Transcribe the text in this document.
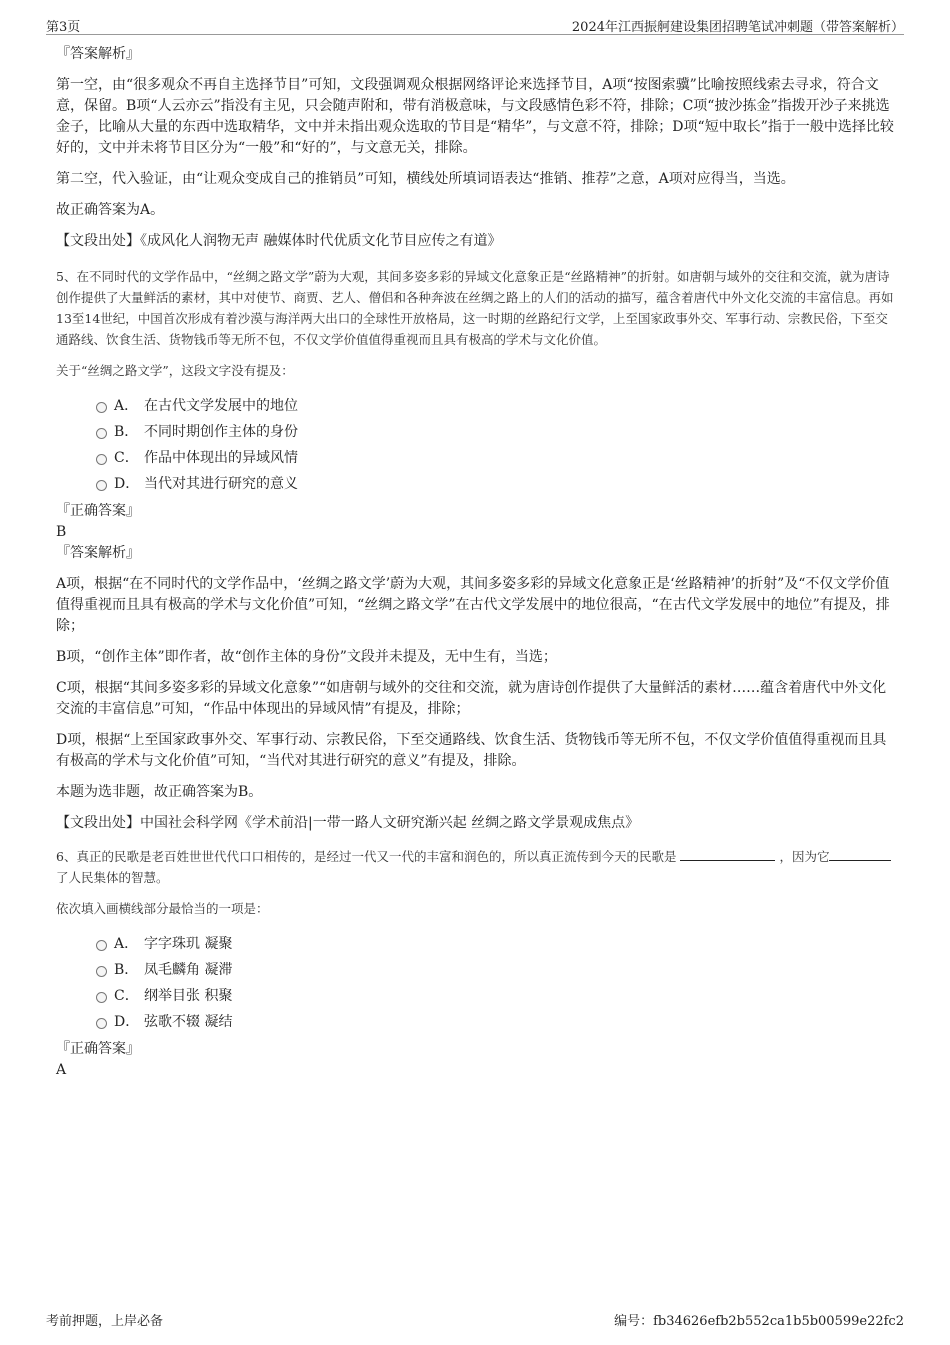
第3页	2024年江西振舸建设集团招聘笔试冲刺题（带答案解析）

『答案解析』

第一空，由“很多观众不再自主选择节目”可知，文段强调观众根据网络评论来选择节目，A项“按图索骥”比喻按照线索去寻求，符合文意，保留。B项“人云亦云”指没有主见，只会随声附和，带有消极意味，与文段感情色彩不符，排除；C项“披沙拣金”指拨开沙子来挑选金子，比喻从大量的东西中选取精华，文中并未指出观众选取的节目是“精华”，与文意不符，排除；D项“短中取长”指于一般中选择比较好的，文中并未将节目区分为“一般”和“好的”，与文意无关，排除。

第二空，代入验证，由“让观众变成自己的推销员”可知，横线处所填词语表达“推销、推荐”之意，A项对应得当，当选。

故正确答案为A。

【文段出处】《成风化人润物无声 融媒体时代优质文化节目应传之有道》

5、在不同时代的文学作品中，“丝绸之路文学”蔚为大观，其间多姿多彩的异域文化意象正是“丝路精神”的折射。如唐朝与域外的交往和交流，就为唐诗创作提供了大量鲜活的素材，其中对使节、商贾、艺人、僧侣和各种奔波在丝绸之路上的人们的活动的描写，蕴含着唐代中外文化交流的丰富信息。再如13至14世纪，中国首次形成有着沙漠与海洋两大出口的全球性开放格局，这一时期的丝路纪行文学，上至国家政事外交、军事行动、宗教民俗，下至交通路线、饮食生活、货物钱币等无所不包，不仅文学价值值得重视而且具有极高的学术与文化价值。

关于“丝绸之路文学”，这段文字没有提及：

A． 在古代文学发展中的地位
B． 不同时期创作主体的身份
C． 作品中体现出的异域风情
D． 当代对其进行研究的意义

『正确答案』

B

『答案解析』

A项，根据“在不同时代的文学作品中，‘丝绸之路文学’蔚为大观，其间多姿多彩的异域文化意象正是‘丝路精神’的折射”及“不仅文学价值值得重视而且具有极高的学术与文化价值”可知，“丝绸之路文学”在古代文学发展中的地位很高，“在古代文学发展中的地位”有提及，排除；

B项，“创作主体”即作者，故“创作主体的身份”文段并未提及，无中生有，当选；

C项，根据“其间多姿多彩的异域文化意象”“如唐朝与域外的交往和交流，就为唐诗创作提供了大量鲜活的素材……蕴含着唐代中外文化交流的丰富信息”可知，“作品中体现出的异域风情”有提及，排除；

D项，根据“上至国家政事外交、军事行动、宗教民俗，下至交通路线、饮食生活、货物钱币等无所不包，不仅文学价值值得重视而且具有极高的学术与文化价值”可知，“当代对其进行研究的意义”有提及，排除。

本题为选非题，故正确答案为B。

【文段出处】中国社会科学网《学术前沿|一带一路人文研究渐兴起 丝绸之路文学景观成焦点》

6、真正的民歌是老百姓世世代代口口相传的，是经过一代又一代的丰富和润色的，所以真正流传到今天的民歌是	，因为它了人民集体的智慧。

依次填入画横线部分最恰当的一项是：

A． 字字珠玑 凝聚
B． 凤毛麟角 凝滞
C． 纲举目张 积聚
D． 弦歌不辍 凝结

『正确答案』

A

考前押题，上岸必备	编号：fb34626efb2b552ca1b5b00599e22fc2
